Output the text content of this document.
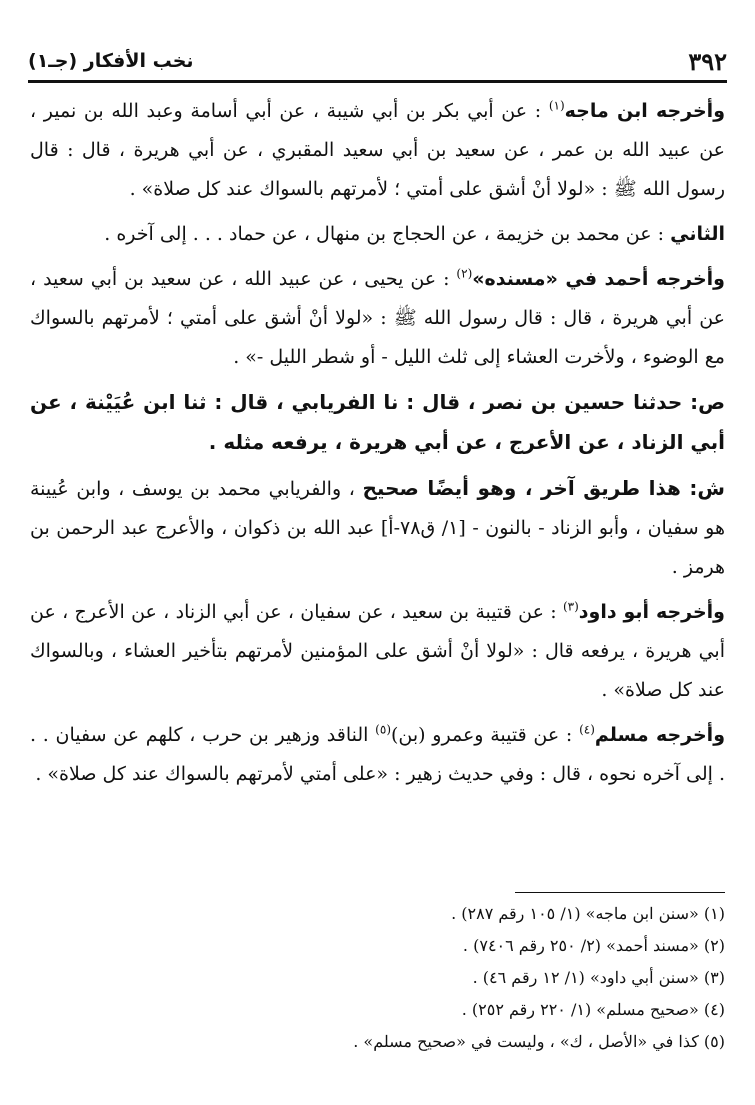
٣٩٢
نخب الأفكار (جـ١)

وأخرجه ابن ماجه$^{(١)}$ : عن أبي بكر بن أبي شيبة ، عن أبي أسامة وعبد الله بن نمير ، عن عبيد الله بن عمر ، عن سعيد بن أبي سعيد المقبري ، عن أبي هريرة ، قال : قال رسول الله ﷺ : «لولا أنْ أشق على أمتي ؛ لأمرتهم بالسواك عند كل صلاة» .

الثاني : عن محمد بن خزيمة ، عن الحجاج بن منهال ، عن حماد . . . إلى آخره .

وأخرجه أحمد في «مسنده»$^{(٢)}$ : عن يحيى ، عن عبيد الله ، عن سعيد بن أبي سعيد ، عن أبي هريرة ، قال : قال رسول الله ﷺ : «لولا أنْ أشق على أمتي ؛ لأمرتهم بالسواك مع الوضوء ، ولأخرت العشاء إلى ثلث الليل - أو شطر الليل -» .

ص: حدثنا حسين بن نصر ، قال : نا الفريابي ، قال : ثنا ابن عُيَيْنة ، عن أبي الزناد ، عن الأعرج ، عن أبي هريرة ، يرفعه مثله .

ش: هذا طريق آخر ، وهو أيضًا صحيح ، والفريابي محمد بن يوسف ، وابن عُيينة هو سفيان ، وأبو الزناد - بالنون - [١/ ق٧٨-أ] عبد الله بن ذكوان ، والأعرج عبد الرحمن بن هرمز .

وأخرجه أبو داود$^{(٣)}$ : عن قتيبة بن سعيد ، عن سفيان ، عن أبي الزناد ، عن الأعرج ، عن أبي هريرة ، يرفعه قال : «لولا أنْ أشق على المؤمنين لأمرتهم بتأخير العشاء ، وبالسواك عند كل صلاة» .

وأخرجه مسلم$^{(٤)}$ : عن قتيبة وعمرو (بن)$^{(٥)}$ الناقد وزهير بن حرب ، كلهم عن سفيان . . . إلى آخره نحوه ، قال : وفي حديث زهير : «على أمتي لأمرتهم بالسواك عند كل صلاة» .

(١) «سنن ابن ماجه» (١/ ١٠٥ رقم ٢٨٧) .

(٢) «مسند أحمد» (٢/ ٢٥٠ رقم ٧٤٠٦) .

(٣) «سنن أبي داود» (١/ ١٢ رقم ٤٦) .

(٤) «صحيح مسلم» (١/ ٢٢٠ رقم ٢٥٢) .

(٥) كذا في «الأصل ، ك» ، وليست في «صحيح مسلم» .
